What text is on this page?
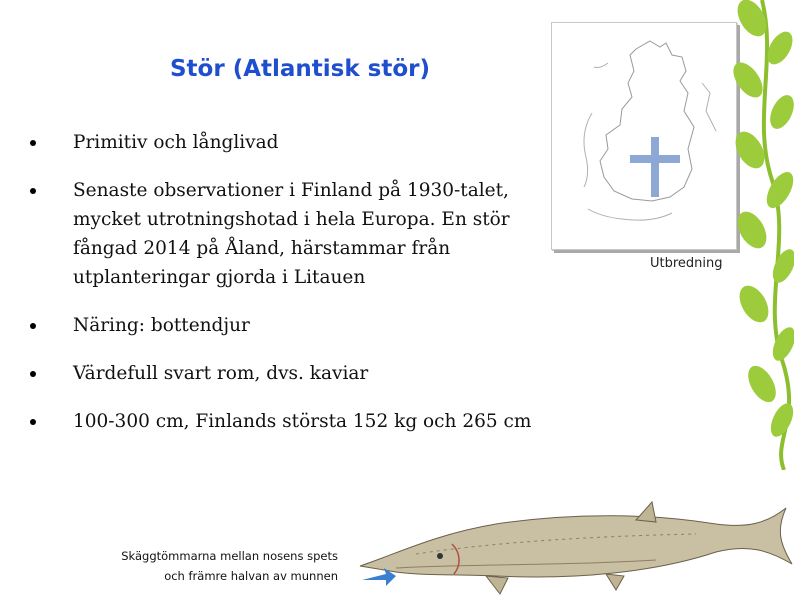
Stör (Atlantisk stör)
Primitiv och långlivad
Senaste observationer i Finland på 1930-talet, mycket utrotningshotad i hela Europa. En stör fångad 2014 på Åland, härstammar från utplanteringar gjorda i Litauen
Näring: bottendjur
Värdefull svart rom, dvs. kaviar
100-300 cm, Finlands största 152 kg och 265 cm
Utbredning
Skäggtömmarna mellan nosens spets
och främre halvan av munnen
